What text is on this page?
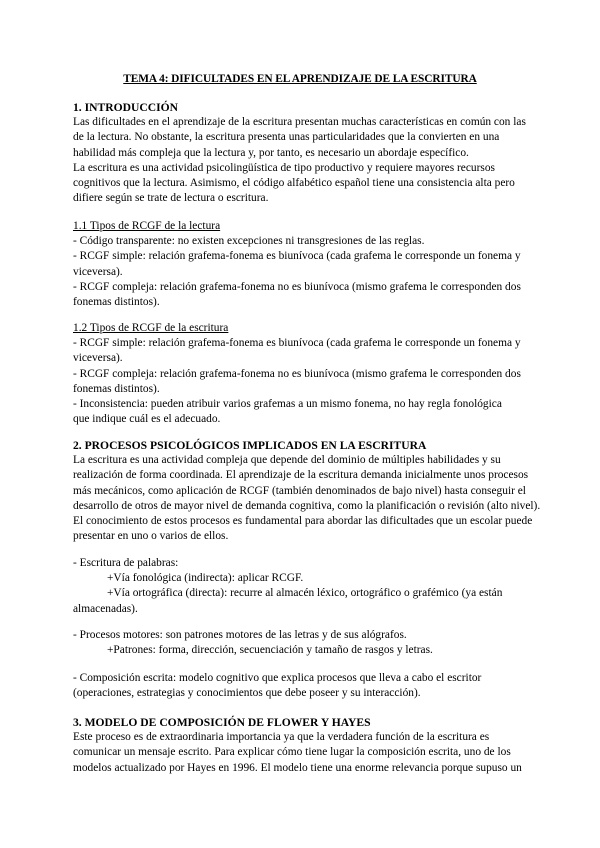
TEMA 4: DIFICULTADES EN EL APRENDIZAJE DE LA ESCRITURA

1. INTRODUCCIÓN

Las dificultades en el aprendizaje de la escritura presentan muchas características en común con las

de la lectura. No obstante, la escritura presenta unas particularidades que la convierten en una

habilidad más compleja que la lectura y, por tanto, es necesario un abordaje específico.

La escritura es una actividad psicolingüística de tipo productivo y requiere mayores recursos

cognitivos que la lectura. Asimismo, el código alfabético español tiene una consistencia alta pero

difiere según se trate de lectura o escritura.

1.1 Tipos de RCGF de la lectura

- Código transparente: no existen excepciones ni transgresiones de las reglas.

- RCGF simple: relación grafema-fonema es biunívoca (cada grafema le corresponde un fonema y

viceversa).

- RCGF compleja: relación grafema-fonema no es biunívoca (mismo grafema le corresponden dos

fonemas distintos).

1.2 Tipos de RCGF de la escritura

- RCGF simple: relación grafema-fonema es biunívoca (cada grafema le corresponde un fonema y

viceversa).

- RCGF compleja: relación grafema-fonema no es biunívoca (mismo grafema le corresponden dos

fonemas distintos).

- Inconsistencia: pueden atribuir varios grafemas a un mismo fonema, no hay regla fonológica

que indique cuál es el adecuado.

2. PROCESOS PSICOLÓGICOS IMPLICADOS EN LA ESCRITURA

La escritura es una actividad compleja que depende del dominio de múltiples habilidades y su

realización de forma coordinada. El aprendizaje de la escritura demanda inicialmente unos procesos

más mecánicos, como aplicación de RCGF (también denominados de bajo nivel) hasta conseguir el

desarrollo de otros de mayor nivel de demanda cognitiva, como la planificación o revisión (alto nivel).

El conocimiento de estos procesos es fundamental para abordar las dificultades que un escolar puede

presentar en uno o varios de ellos.

- Escritura de palabras:

+Vía fonológica (indirecta): aplicar RCGF.

+Vía ortográfica (directa): recurre al almacén léxico, ortográfico o grafémico (ya están

almacenadas).

- Procesos motores: son patrones motores de las letras y de sus alógrafos.

+Patrones: forma, dirección, secuenciación y tamaño de rasgos y letras.

- Composición escrita: modelo cognitivo que explica procesos que lleva a cabo el escritor

(operaciones, estrategias y conocimientos que debe poseer y su interacción).

3. MODELO DE COMPOSICIÓN DE FLOWER Y HAYES

Este proceso es de extraordinaria importancia ya que la verdadera función de la escritura es

comunicar un mensaje escrito. Para explicar cómo tiene lugar la composición escrita, uno de los

modelos actualizado por Hayes en 1996. El modelo tiene una enorme relevancia porque supuso un
